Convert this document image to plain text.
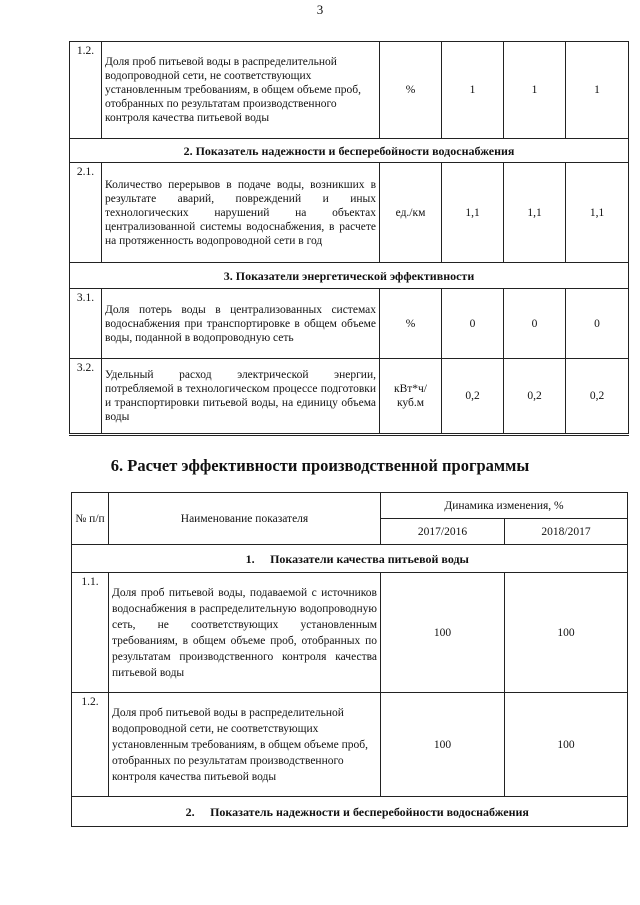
3
1.2.	Доля проб питьевой воды в распределительной водопроводной сети, не соответствующих установленным требованиям, в общем объеме проб, отобранных по результатам производственного контроля качества питьевой воды	%	1	1	1
2. Показатель надежности и бесперебойности водоснабжения					
2.1.	Количество перерывов в подаче воды, возникших в результате аварий, повреждений и иных технологических нарушений на объектах централизованной системы водоснабжения, в расчете на протяженность водопроводной сети в год	ед./км	1,1	1,1	1,1
3. Показатели энергетической эффективности					
3.1.	Доля потерь воды в централизованных системах водоснабжения при транспортировке в общем объеме воды, поданной в водопроводную сеть	%	0	0	0
3.2.	Удельный расход электрической энергии, потребляемой в технологическом процессе подготовки и транспортировки питьевой воды, на единицу объема воды	кВт*ч/ куб.м	0,2	0,2	0,2
6. Расчет эффективности производственной программы
№ п/п	Наименование показателя	Динамика изменения, %	
		2017/2016	2018/2017
1. Показатели качества питьевой воды			
1.1.	Доля проб питьевой воды, подаваемой с источников водоснабжения в распределительную водопроводную сеть, не соответствующих установленным требованиям, в общем объеме проб, отобранных по результатам производственного контроля качества питьевой воды	100	100
1.2.	Доля проб питьевой воды в распределительной водопроводной сети, не соответствующих установленным требованиям, в общем объеме проб, отобранных по результатам производственного контроля качества питьевой воды	100	100
2. Показатель надежности и бесперебойности водоснабжения			
